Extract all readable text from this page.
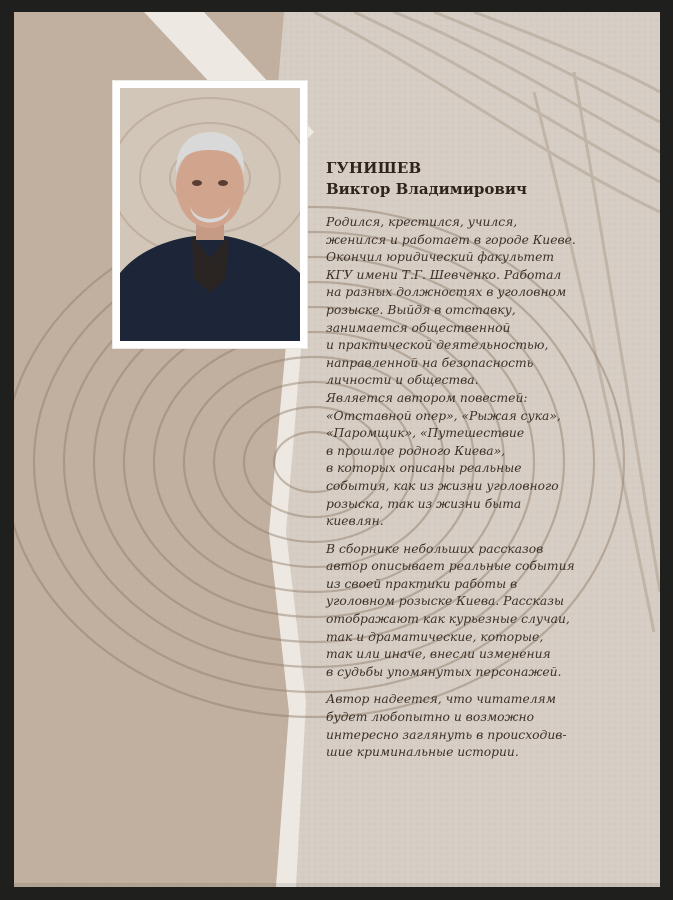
ГУНИШЕВ
Виктор Владимирович

Родился, крестился, учился,
женился и работает в городе Киеве.
Окончил юридический факультет
КГУ имени Т.Г. Шевченко. Работал
на разных должностях в уголовном
розыске. Выйдя в отставку,
занимается общественной
и практической деятельностью,
направленной на безопасность
личности и общества.
Является автором повестей:
«Отставной опер», «Рыжая сука»,
«Паромщик», «Путешествие
в прошлое родного Киева»,
в которых описаны реальные
события, как из жизни уголовного
розыска, так из жизни быта
киевлян.

В сборнике небольших рассказов
автор описывает реальные события
из своей практики работы в
уголовном розыске Киева. Рассказы
отображают как курьезные случаи,
так и драматические, которые,
так или иначе, внесли изменения
в судьбы упомянутых персонажей.

Автор надеется, что читателям
будет любопытно и возможно
интересно заглянуть в происходив-
шие криминальные истории.
